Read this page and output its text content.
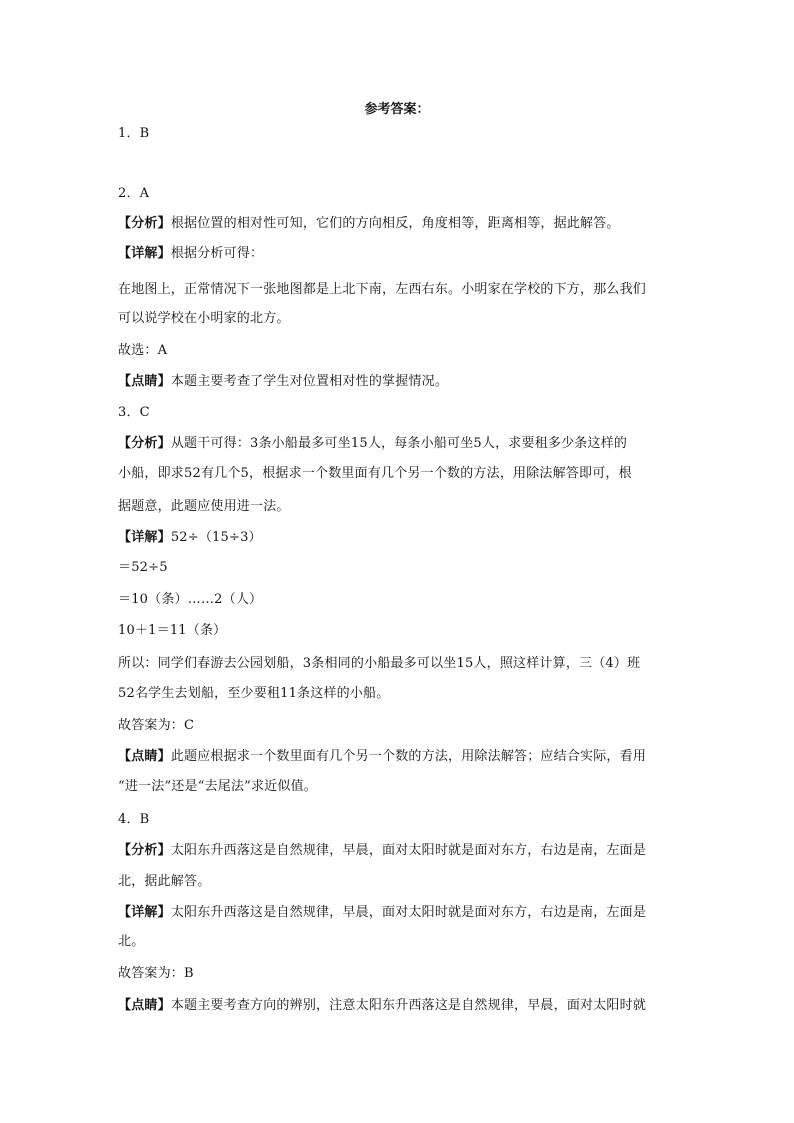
参考答案：
1．B
2．A
【分析】根据位置的相对性可知，它们的方向相反，角度相等，距离相等，据此解答。
【详解】根据分析可得：
在地图上，正常情况下一张地图都是上北下南，左西右东。小明家在学校的下方，那么我们
可以说学校在小明家的北方。
故选：A
【点睛】本题主要考查了学生对位置相对性的掌握情况。
3．C
【分析】从题干可得：3条小船最多可坐15人，每条小船可坐5人，求要租多少条这样的
小船，即求52有几个5，根据求一个数里面有几个另一个数的方法，用除法解答即可，根
据题意，此题应使用进一法。
【详解】52÷（15÷3）
＝52÷5
＝10（条）……2（人）
10＋1＝11（条）
所以：同学们春游去公园划船，3条相同的小船最多可以坐15人，照这样计算，三（4）班
52名学生去划船，至少要租11条这样的小船。
故答案为：C
【点睛】此题应根据求一个数里面有几个另一个数的方法，用除法解答；应结合实际，看用
“进一法”还是“去尾法”求近似值。
4．B
【分析】太阳东升西落这是自然规律，早晨，面对太阳时就是面对东方，右边是南，左面是
北，据此解答。
【详解】太阳东升西落这是自然规律，早晨，面对太阳时就是面对东方，右边是南，左面是
北。
故答案为：B
【点睛】本题主要考查方向的辨别，注意太阳东升西落这是自然规律，早晨，面对太阳时就
